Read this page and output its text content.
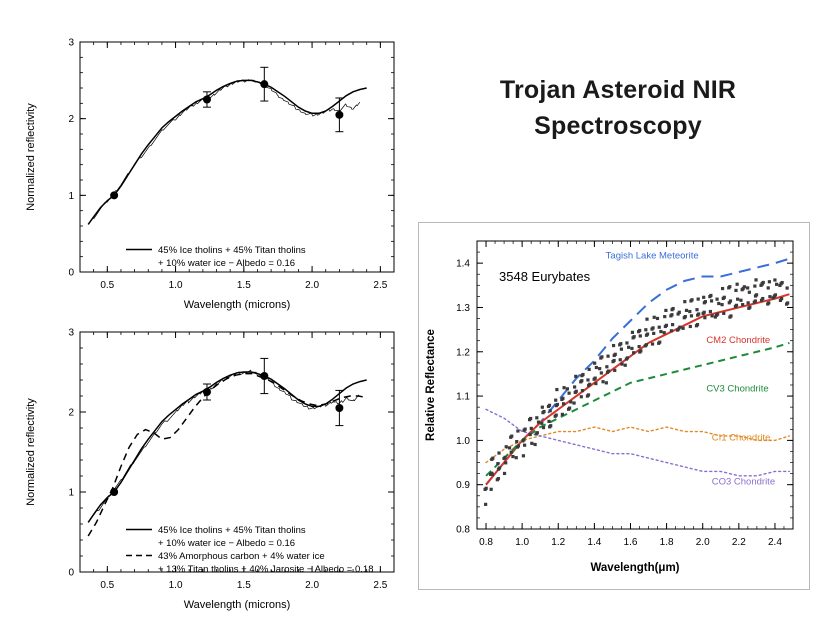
0.5	1.0	1.5	2.0	2.5
0
1
2
3
Wavelength (microns)
Normalized reflectivity
45% Ice tholins + 45% Titan tholins
+ 10% water ice − Albedo = 0.16
0.5	1.0	1.5	2.0	2.5
0
1
2
3
Wavelength (microns)
Normalized reflectivity
45% Ice tholins + 45% Titan tholins
+ 10% water ice − Albedo = 0.16
43% Amorphous carbon + 4% water ice
+ 13% Titan tholins + 40% Jarosite − Albedo = 0.18
Trojan Asteroid NIR
Spectroscopy
0.8 1.0 1.2 1.4 1.6 1.8 2.0 2.2 2.4
0.8
0.9
1.0
1.1
1.2
1.3
1.4
Wavelength(μm)
Relative Reflectance
3548 Eurybates
Tagish Lake Meteorite
CM2 Chondrite
CV3 Chondrite
CI1 Chondrite
CO3 Chondrite
